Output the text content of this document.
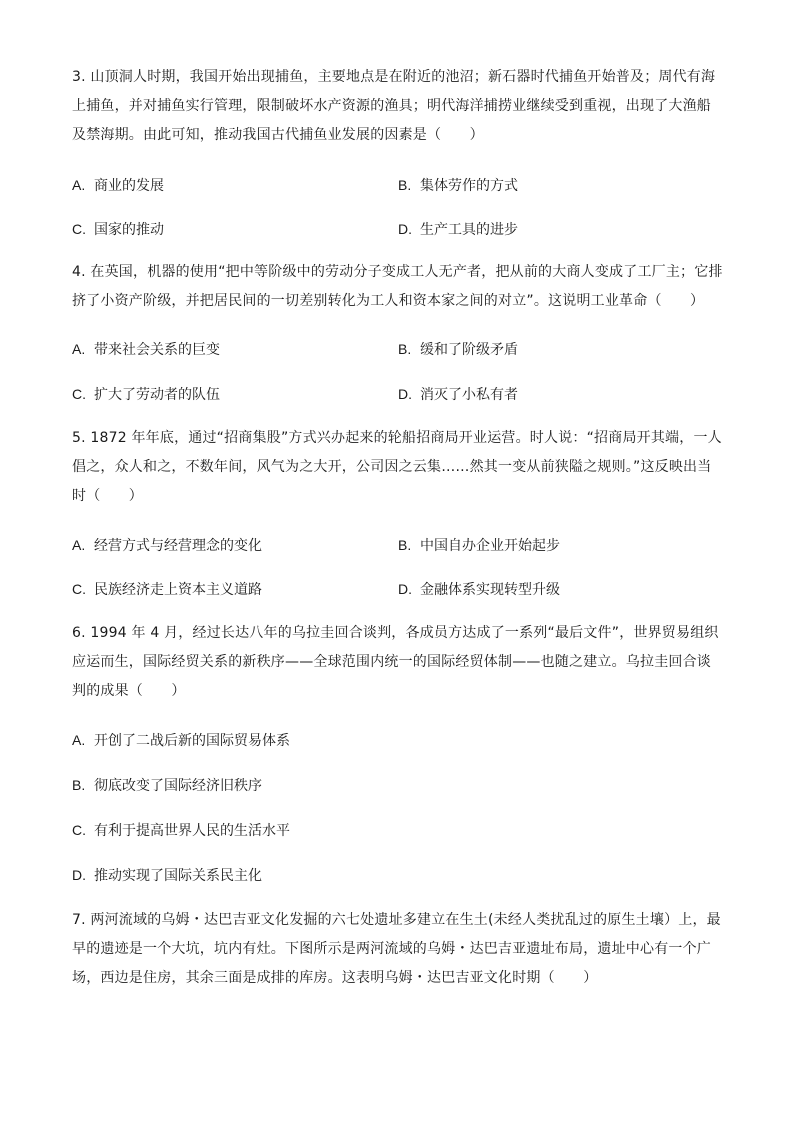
3. 山顶洞人时期，我国开始出现捕鱼，主要地点是在附近的池沼；新石器时代捕鱼开始普及；周代有海上捕鱼，并对捕鱼实行管理，限制破坏水产资源的渔具；明代海洋捕捞业继续受到重视，出现了大渔船及禁海期。由此可知，推动我国古代捕鱼业发展的因素是（　　）

A. 商业的发展	B. 集体劳作的方式

C. 国家的推动	D. 生产工具的进步

4. 在英国，机器的使用“把中等阶级中的劳动分子变成工人无产者，把从前的大商人变成了工厂主；它排挤了小资产阶级，并把居民间的一切差别转化为工人和资本家之间的对立”。这说明工业革命（　　）

A. 带来社会关系的巨变	B. 缓和了阶级矛盾

C. 扩大了劳动者的队伍	D. 消灭了小私有者

5. 1872 年年底，通过“招商集股”方式兴办起来的轮船招商局开业运营。时人说：“招商局开其端，一人倡之，众人和之，不数年间，风气为之大开，公司因之云集……然其一变从前狭隘之规则。”这反映出当时（　　）

A. 经营方式与经营理念的变化	B. 中国自办企业开始起步

C. 民族经济走上资本主义道路	D. 金融体系实现转型升级

6. 1994 年 4 月，经过长达八年的乌拉圭回合谈判，各成员方达成了一系列“最后文件”，世界贸易组织应运而生，国际经贸关系的新秩序——全球范围内统一的国际经贸体制——也随之建立。乌拉圭回合谈判的成果（　　）

A. 开创了二战后新的国际贸易体系

B. 彻底改变了国际经济旧秩序

C. 有利于提高世界人民的生活水平

D. 推动实现了国际关系民主化

7. 两河流域的乌姆・达巴吉亚文化发掘的六七处遗址多建立在生土(未经人类扰乱过的原生土壤）上，最早的遗迹是一个大坑，坑内有灶。下图所示是两河流域的乌姆・达巴吉亚遗址布局，遗址中心有一个广场，西边是住房，其余三面是成排的库房。这表明乌姆・达巴吉亚文化时期（　　）
